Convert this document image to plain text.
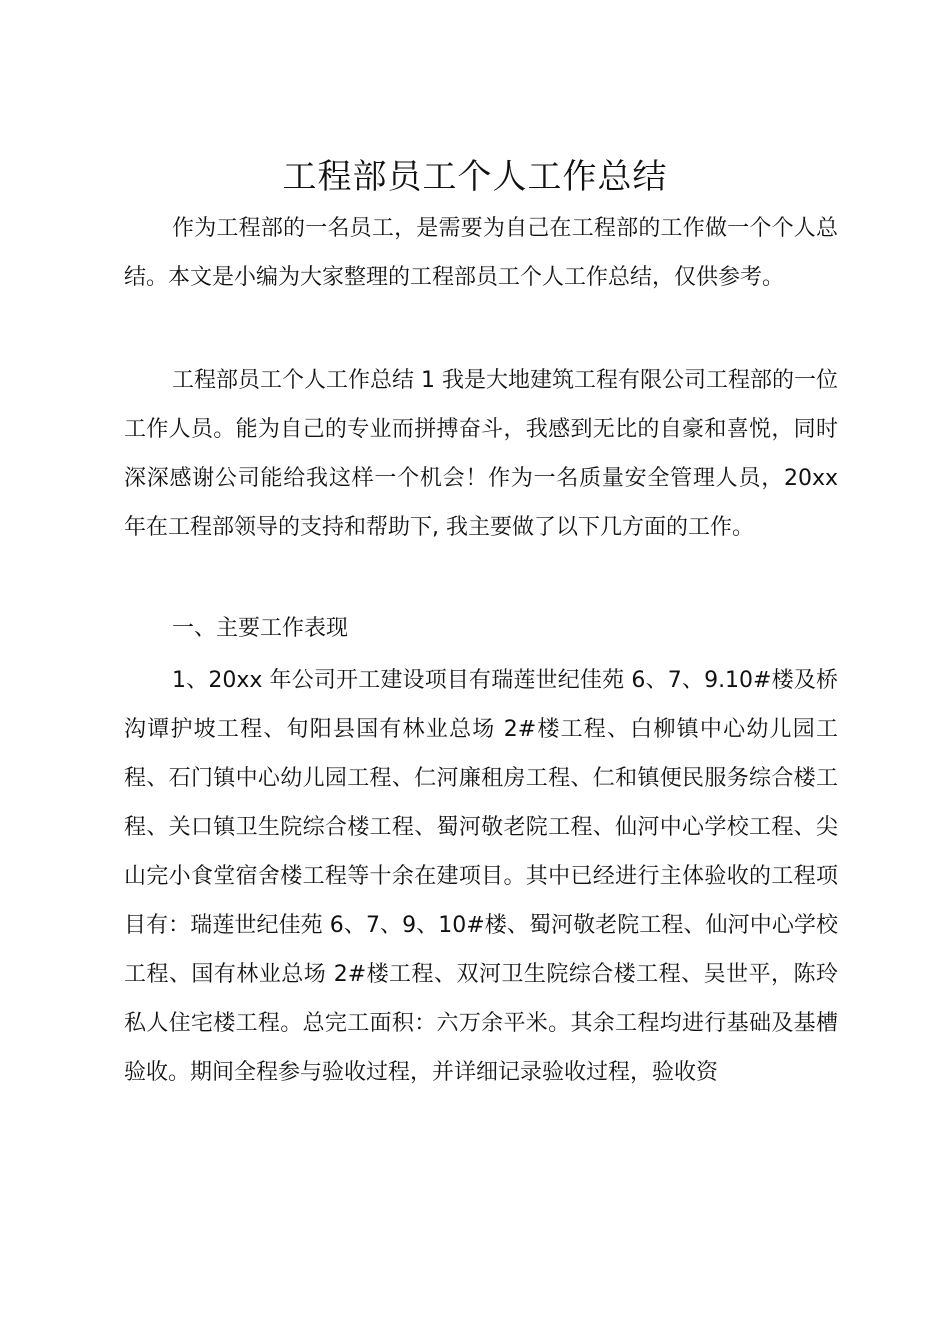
工程部员工个人工作总结

作为工程部的一名员工，是需要为自己在工程部的工作做一个个人总结。本文是小编为大家整理的工程部员工个人工作总结，仅供参考。

工程部员工个人工作总结 1 我是大地建筑工程有限公司工程部的一位工作人员。能为自己的专业而拼搏奋斗，我感到无比的自豪和喜悦，同时深深感谢公司能给我这样一个机会！作为一名质量安全管理人员，20xx 年在工程部领导的支持和帮助下, 我主要做了以下几方面的工作。

一、主要工作表现

1、20xx 年公司开工建设项目有瑞莲世纪佳苑 6、7、9.10#楼及桥沟谭护坡工程、旬阳县国有林业总场 2#楼工程、白柳镇中心幼儿园工程、石门镇中心幼儿园工程、仁河廉租房工程、仁和镇便民服务综合楼工程、关口镇卫生院综合楼工程、蜀河敬老院工程、仙河中心学校工程、尖山完小食堂宿舍楼工程等十余在建项目。其中已经进行主体验收的工程项目有：瑞莲世纪佳苑 6、7、9、10#楼、蜀河敬老院工程、仙河中心学校工程、国有林业总场 2#楼工程、双河卫生院综合楼工程、吴世平，陈玲私人住宅楼工程。总完工面积：六万余平米。其余工程均进行基础及基槽验收。期间全程参与验收过程，并详细记录验收过程，验收资
